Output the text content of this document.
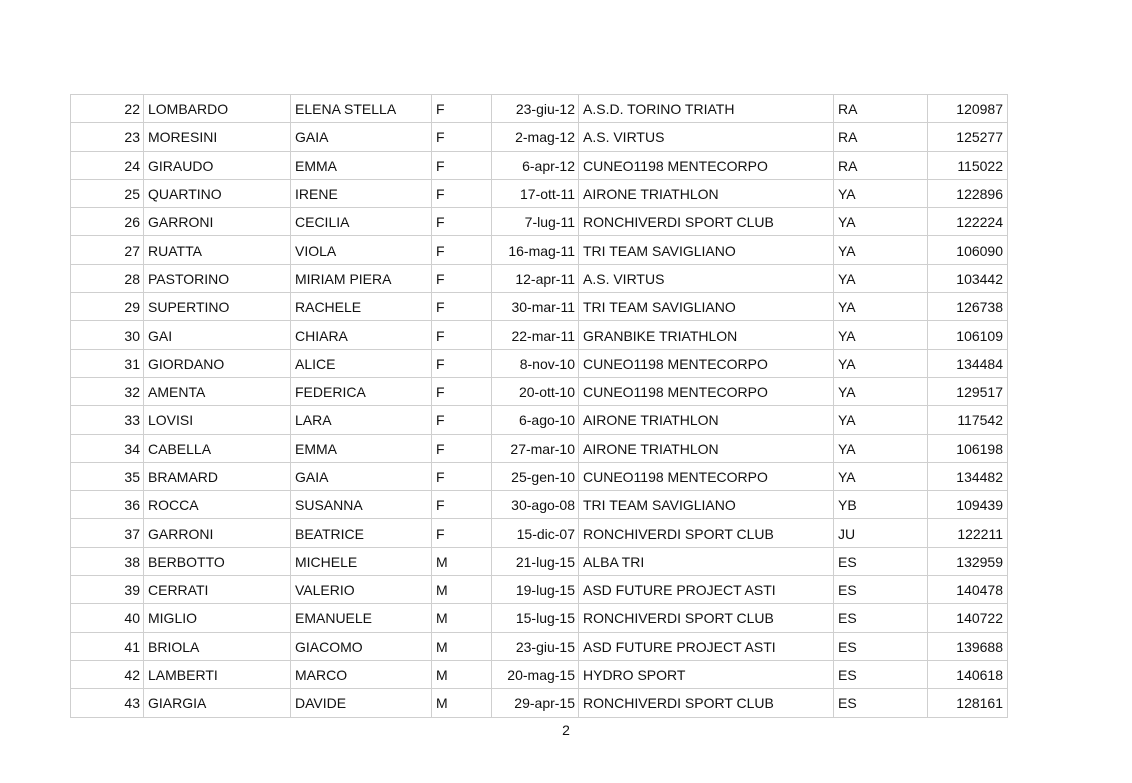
22	LOMBARDO	ELENA STELLA	F	23-giu-12	A.S.D. TORINO TRIATH	RA	120987
23	MORESINI	GAIA	F	2-mag-12	A.S. VIRTUS	RA	125277
24	GIRAUDO	EMMA	F	6-apr-12	CUNEO1198 MENTECORPO	RA	115022
25	QUARTINO	IRENE	F	17-ott-11	AIRONE TRIATHLON	YA	122896
26	GARRONI	CECILIA	F	7-lug-11	RONCHIVERDI SPORT CLUB	YA	122224
27	RUATTA	VIOLA	F	16-mag-11	TRI TEAM SAVIGLIANO	YA	106090
28	PASTORINO	MIRIAM PIERA	F	12-apr-11	A.S. VIRTUS	YA	103442
29	SUPERTINO	RACHELE	F	30-mar-11	TRI TEAM SAVIGLIANO	YA	126738
30	GAI	CHIARA	F	22-mar-11	GRANBIKE TRIATHLON	YA	106109
31	GIORDANO	ALICE	F	8-nov-10	CUNEO1198 MENTECORPO	YA	134484
32	AMENTA	FEDERICA	F	20-ott-10	CUNEO1198 MENTECORPO	YA	129517
33	LOVISI	LARA	F	6-ago-10	AIRONE TRIATHLON	YA	117542
34	CABELLA	EMMA	F	27-mar-10	AIRONE TRIATHLON	YA	106198
35	BRAMARD	GAIA	F	25-gen-10	CUNEO1198 MENTECORPO	YA	134482
36	ROCCA	SUSANNA	F	30-ago-08	TRI TEAM SAVIGLIANO	YB	109439
37	GARRONI	BEATRICE	F	15-dic-07	RONCHIVERDI SPORT CLUB	JU	122211
38	BERBOTTO	MICHELE	M	21-lug-15	ALBA TRI	ES	132959
39	CERRATI	VALERIO	M	19-lug-15	ASD FUTURE PROJECT ASTI	ES	140478
40	MIGLIO	EMANUELE	M	15-lug-15	RONCHIVERDI SPORT CLUB	ES	140722
41	BRIOLA	GIACOMO	M	23-giu-15	ASD FUTURE PROJECT ASTI	ES	139688
42	LAMBERTI	MARCO	M	20-mag-15	HYDRO SPORT	ES	140618
43	GIARGIA	DAVIDE	M	29-apr-15	RONCHIVERDI SPORT CLUB	ES	128161
2
